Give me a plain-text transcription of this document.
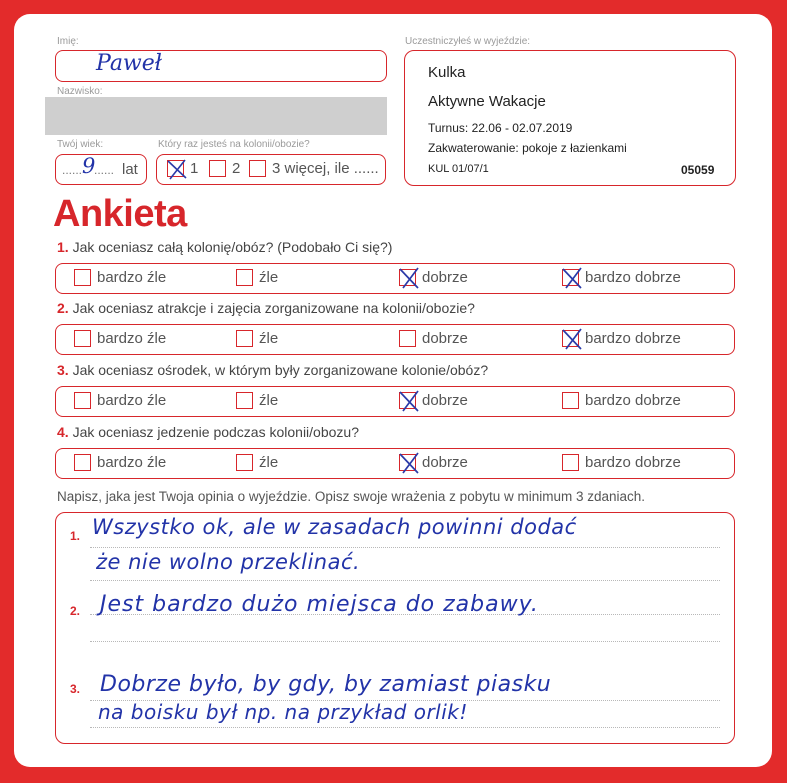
Imię:
Paweł
Nazwisko:
Twój wiek:
...... 9
...... lat
Który raz jesteś na kolonii/obozie?
1 2 3 więcej, ile ......
Uczestniczyłeś w wyjeździe:
Kulka
Aktywne Wakacje
Turnus: 22.06 - 02.07.2019
Zakwaterowanie: pokoje z łazienkami
KUL 01/07/1	05059
Ankieta
1. Jak oceniasz całą kolonię/obóz? (Podobało Ci się?)
bardzo źle	źle	dobrze	bardzo dobrze
2. Jak oceniasz atrakcje i zajęcia zorganizowane na kolonii/obozie?
bardzo źle	źle	dobrze	bardzo dobrze
3. Jak oceniasz ośrodek, w którym były zorganizowane kolonie/obóz?
bardzo źle	źle	dobrze	bardzo dobrze
4. Jak oceniasz jedzenie podczas kolonii/obozu?
bardzo źle	źle	dobrze	bardzo dobrze
Napisz, jaka jest Twoja opinia o wyjeździe. Opisz swoje wrażenia z pobytu w minimum 3 zdaniach.
1. Wszystko ok, ale w zasadach powinni dodać
że nie wolno przeklinać.
2. Jest bardzo dużo miejsca do zabawy.
3. Dobrze było, by gdy, by zamiast piasku
na boisku był np. na przykład orlik!
